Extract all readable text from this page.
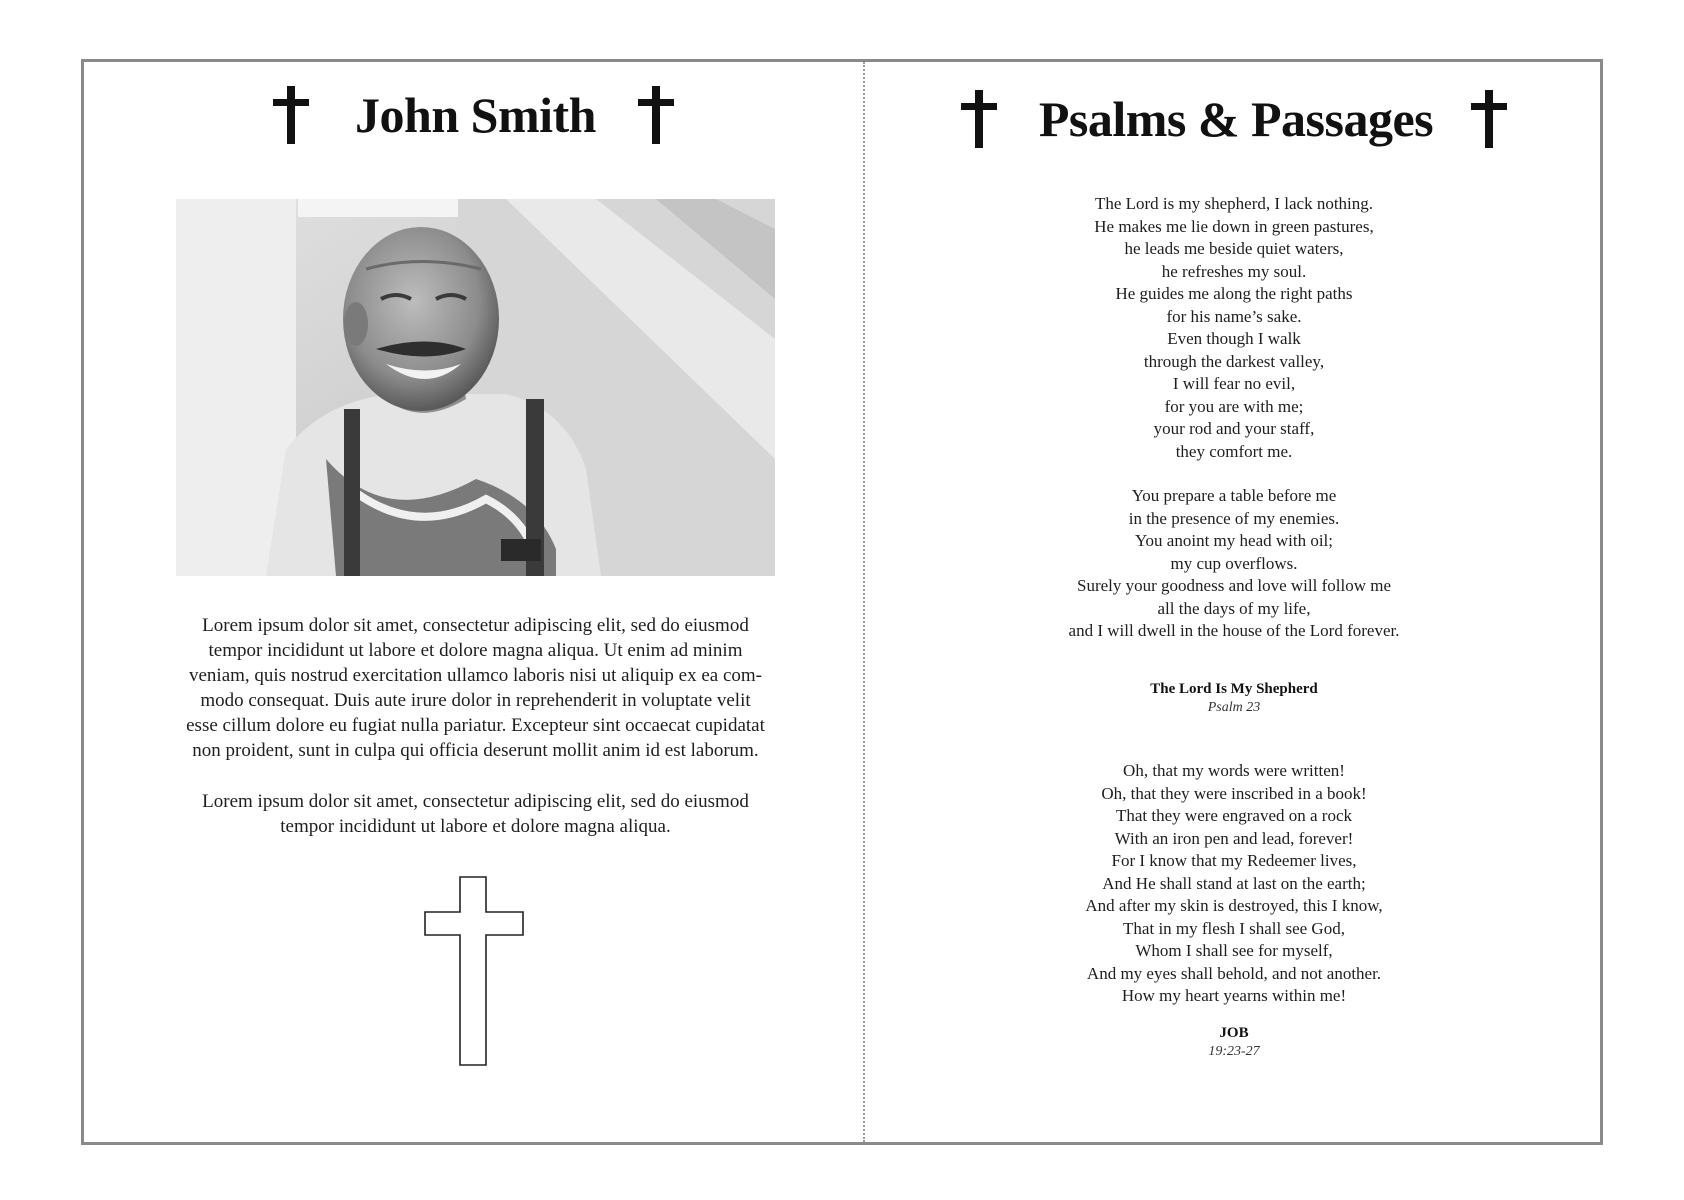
John Smith
Lorem ipsum dolor sit amet, consectetur adipiscing elit, sed do eiusmod
tempor incididunt ut labore et dolore magna aliqua. Ut enim ad minim
veniam, quis nostrud exercitation ullamco laboris nisi ut aliquip ex ea com-
modo consequat. Duis aute irure dolor in reprehenderit in voluptate velit
esse cillum dolore eu fugiat nulla pariatur. Excepteur sint occaecat cupidatat
non proident, sunt in culpa qui officia deserunt mollit anim id est laborum.
Lorem ipsum dolor sit amet, consectetur adipiscing elit, sed do eiusmod
tempor incididunt ut labore et dolore magna aliqua.
Psalms & Passages
The Lord is my shepherd, I lack nothing.
He makes me lie down in green pastures,
he leads me beside quiet waters,
he refreshes my soul.
He guides me along the right paths
for his name’s sake.
Even though I walk
through the darkest valley,
I will fear no evil,
for you are with me;
your rod and your staff,
they comfort me.
You prepare a table before me
in the presence of my enemies.
You anoint my head with oil;
my cup overflows.
Surely your goodness and love will follow me
all the days of my life,
and I will dwell in the house of the Lord forever.
The Lord Is My Shepherd
Psalm 23
Oh, that my words were written!
Oh, that they were inscribed in a book!
That they were engraved on a rock
With an iron pen and lead, forever!
For I know that my Redeemer lives,
And He shall stand at last on the earth;
And after my skin is destroyed, this I know,
That in my flesh I shall see God,
Whom I shall see for myself,
And my eyes shall behold, and not another.
How my heart yearns within me!
JOB
19:23-27
